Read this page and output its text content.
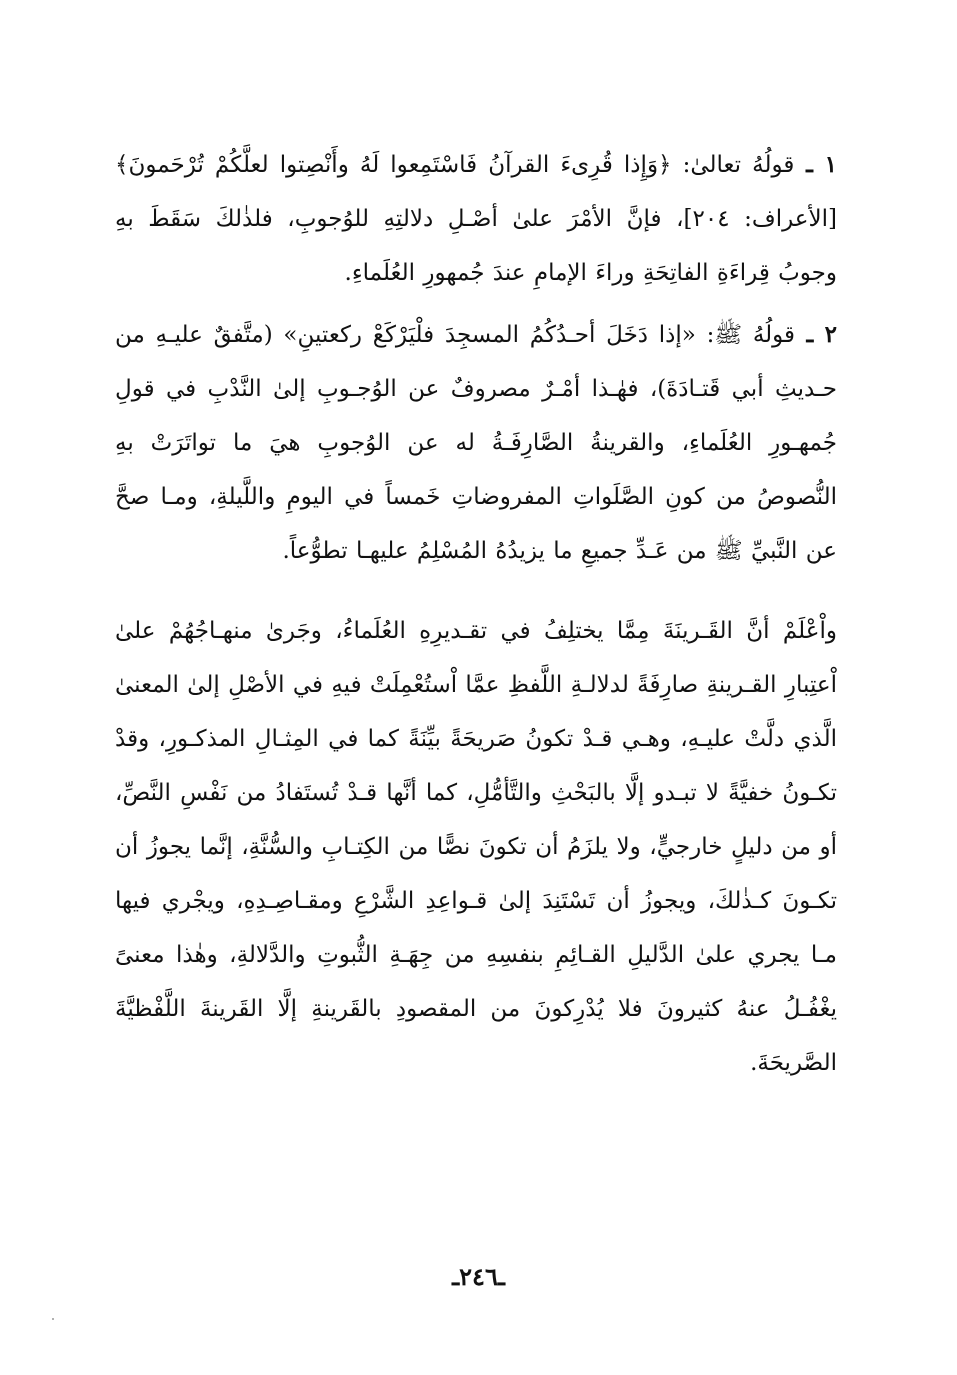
١ ـ قولُهُ تعالىٰ: ﴿وَإِذا قُرِىءَ القرآنُ فَاسْتَمِعوا لَهُ وأَنْصِتوا لعلَّكُمْ تُرْحَمونَ﴾ [الأعراف: ٢٠٤]، فإنَّ الأمْرَ علىٰ أصْـلِ دلالتِهِ للوُجوبِ، فلذٰلكَ سَقَطَ بهِ وجوبُ قِراءَةِ الفاتِحَةِ وراءَ الإمامِ عندَ جُمهورِ العُلَماءِ.

٢ ـ قولُهُ ﷺ: «إذا دَخَلَ أحـدُكُمُ المسجِدَ فلْيَرْكَعْ ركعتينِ» (متَّفقٌ عليـهِ من حـديثِ أبي قَتـادَةَ)، فهٰـذا أمْـرٌ مصروفٌ عن الوُجـوبِ إلىٰ النَّدْبِ في قولِ جُمهـورِ العُلَماءِ، والقرينةُ الصَّارِفَـةُ له عن الوُجوبِ هيَ ما تواتَرَتْ بهِ النُّصوصُ من كونِ الصَّلَواتِ المفروضاتِ خَمساً في اليومِ واللَّيلةِ، ومـا صحَّ عن النَّبيِّ ﷺ من عَـدِّ جميعِ ما يزيدُهُ المُسْلِمُ عليهـا تطوُّعاً.

واْعْلَمْ أنَّ القَـرينَةَ مِمَّا يختلِفُ في تقـديرِهِ العُلَماءُ، وجَرىٰ منهـاجُهُمْ علىٰ اْعتِبارِ القـرينةِ صارِفَةً لدلالـةِ اللَّفظِ عمَّا اْستُعْمِلَتْ فيهِ في الأصْلِ إلىٰ المعنىٰ الَّذي دلَّتْ عليـهِ، وهـي قـدْ تكونُ صَريحَةً بيِّنَةً كما في المِثـالِ المذكـورِ، وقدْ تكـونُ خفيَّةً لا تبـدو إلَّا بالبَحْثِ والتَّأمُّلِ، كما أنَّها قـدْ تُستَفادُ من نَفْسِ النَّصِّ، أو من دليلٍ خارجيٍّ، ولا يلزَمُ أن تكونَ نصًّا من الكِتـابِ والسُّنَّةِ، إنَّما يجوزُ أن تكـونَ كـذٰلكَ، ويجوزُ أن تَسْتَنِدَ إلىٰ قـواعِدِ الشَّرْعِ ومقـاصِـدِهِ، ويجْري فيها مـا يجري علىٰ الدَّليلِ القـائِمِ بنفسِهِ من جِهَـةِ الثُّبوتِ والدَّلالةِ، وهٰذا معنىً يغْفُـلُ عنهُ كثيرونَ فلا يُدْرِكونَ من المقصودِ بالقَرينةِ إلَّا القَرينةَ اللَّفْظيَّةَ الصَّريحَةَ.

ـ٢٤٦ـ
